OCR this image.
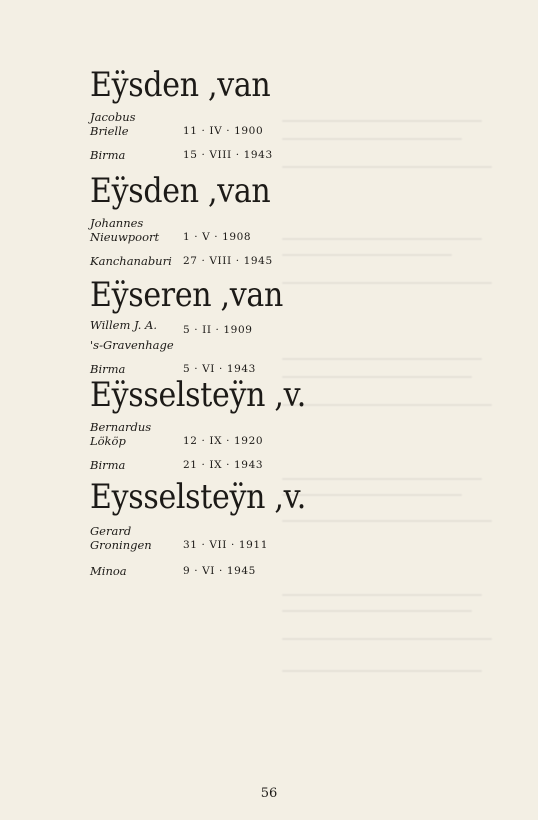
Eÿsden ,van
Jacobus
Brielle	11 · IV · 1900
Birma	15 · VIII · 1943
Eÿsden ,van
Johannes
Nieuwpoort 1 · V · 1908
Kanchanaburi 27 · VIII · 1945
Eÿseren ,van
Willem J. A. 5 · II · 1909
's-Gravenhage
Birma	5 · VI · 1943
Eÿsselsteÿn ,v.
Bernardus
Lököp	12 · IX · 1920
Birma	21 · IX · 1943
Eysselsteÿn ,v.
Gerard
Groningen	31 · VII · 1911
Minoa	9 · VI · 1945
56
